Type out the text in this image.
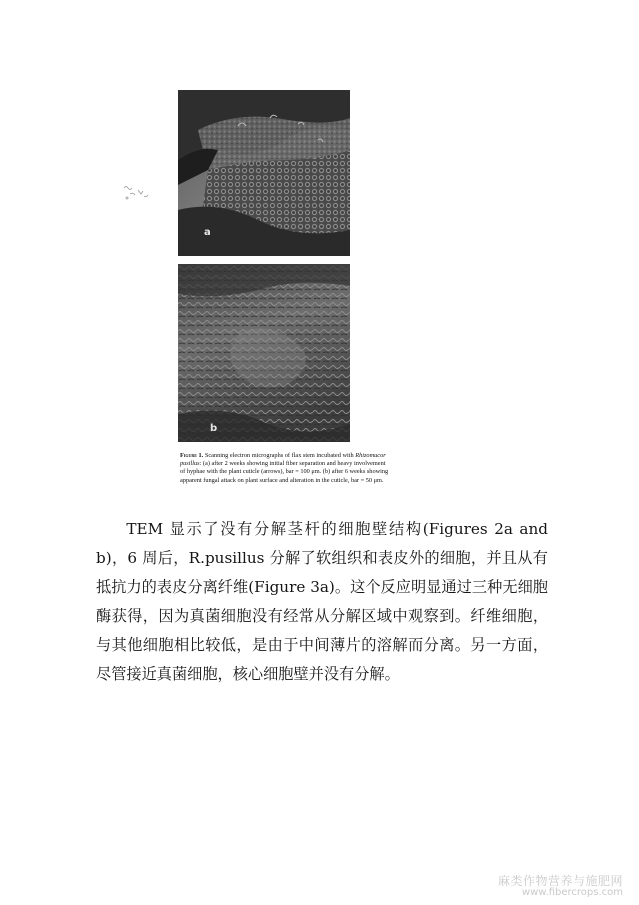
a
b
Figure 1. Scanning electron micrographs of flax stem incubated with Rhizomucor pusillus: (a) after 2 weeks showing initial fiber separation and heavy involvement of hyphae with the plant cuticle (arrows), bar = 100 μm. (b) after 6 weeks showing apparent fungal attack on plant surface and alteration in the cuticle, bar = 50 μm.

TEM 显示了没有分解茎杆的细胞壁结构(Figures 2a and b)，6 周后，R.pusillus 分解了软组织和表皮外的细胞，并且从有抵抗力的表皮分离纤维(Figure 3a)。这个反应明显通过三种无细胞酶获得，因为真菌细胞没有经常从分解区域中观察到。纤维细胞，与其他细胞相比较低，是由于中间薄片的溶解而分离。另一方面，尽管接近真菌细胞，核心细胞壁并没有分解。

麻类作物营养与施肥网
www.fibercrops.com
